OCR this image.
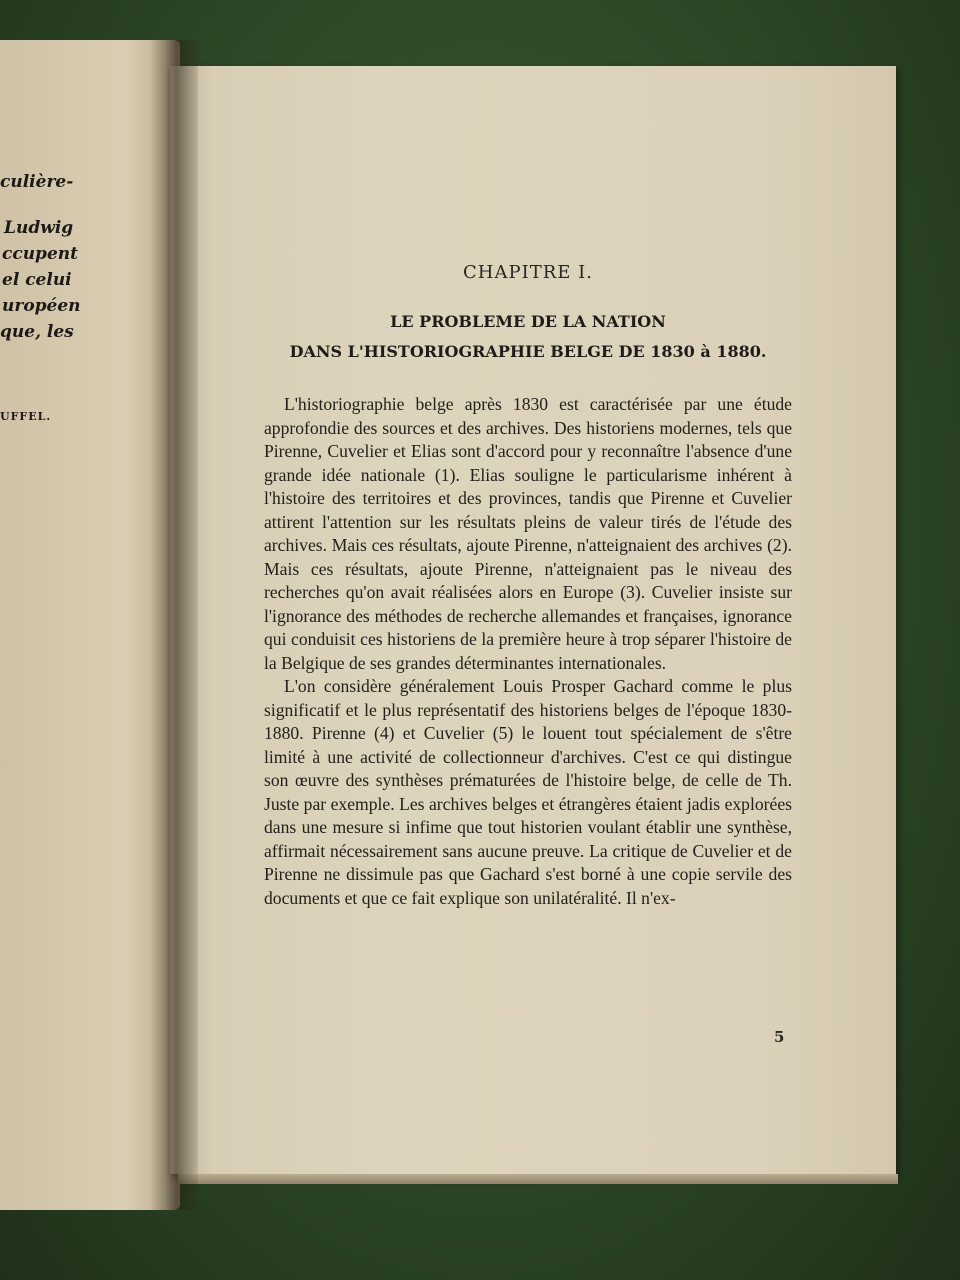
culière-
Ludwig
ccupent
el celui
uropéen
que, les
UFFEL.
CHAPITRE I.
LE PROBLEME DE LA NATION
DANS L'HISTORIOGRAPHIE BELGE DE 1830 à 1880.

L'historiographie belge après 1830 est caractérisée par une étude approfondie des sources et des archives. Des historiens modernes, tels que Pirenne, Cuvelier et Elias sont d'accord pour y reconnaître l'absence d'une grande idée nationale (1). Elias souligne le particularisme inhérent à l'histoire des territoires et des provinces, tandis que Pirenne et Cuvelier attirent l'attention sur les résultats pleins de valeur tirés de l'étude des archives. Mais ces résultats, ajoute Pirenne, n'atteignaient des archives (2). Mais ces résultats, ajoute Pirenne, n'atteignaient pas le niveau des recherches qu'on avait réalisées alors en Europe (3). Cuvelier insiste sur l'ignorance des méthodes de recherche allemandes et françaises, ignorance qui conduisit ces historiens de la première heure à trop séparer l'histoire de la Belgique de ses grandes déterminantes internationales.

L'on considère généralement Louis Prosper Gachard comme le plus significatif et le plus représentatif des historiens belges de l'époque 1830-1880. Pirenne (4) et Cuvelier (5) le louent tout spécialement de s'être limité à une activité de collectionneur d'archives. C'est ce qui distingue son œuvre des synthèses prématurées de l'histoire belge, de celle de Th. Juste par exemple. Les archives belges et étrangères étaient jadis explorées dans une mesure si infime que tout historien voulant établir une synthèse, affirmait nécessairement sans aucune preuve. La critique de Cuvelier et de Pirenne ne dissimule pas que Gachard s'est borné à une copie servile des documents et que ce fait explique son unilatéralité. Il n'ex-

5
